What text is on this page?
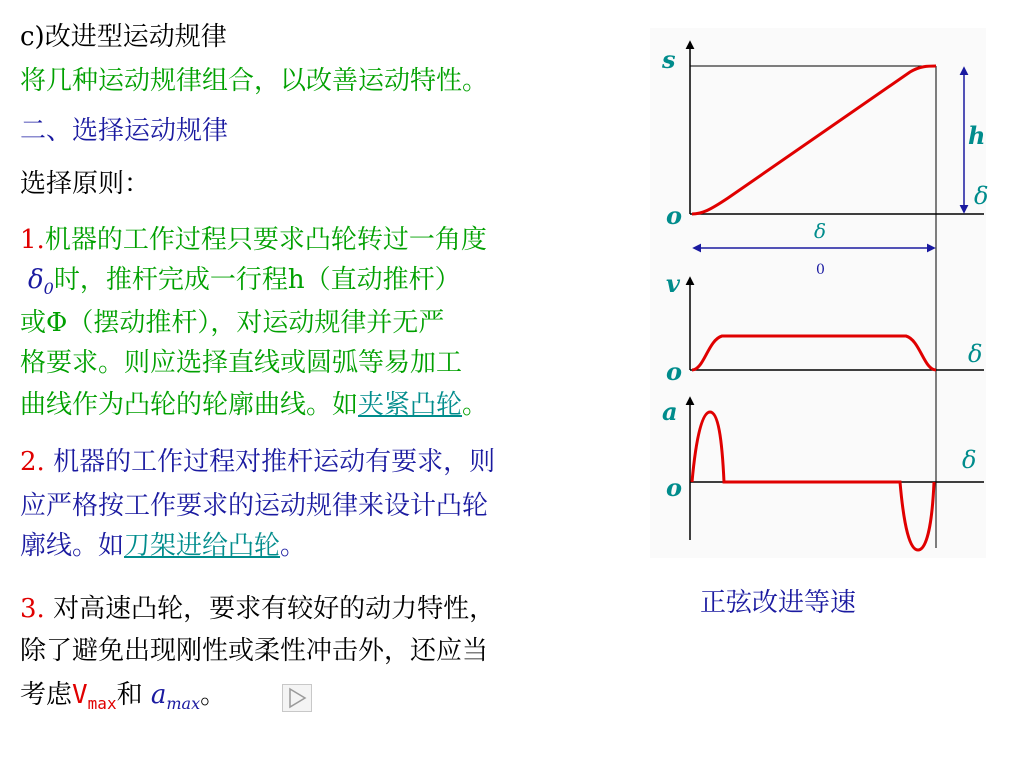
c)改进型运动规律
将几种运动规律组合，以改善运动特性。
二、选择运动规律
选择原则：
1.机器的工作过程只要求凸轮转过一角度
$\delta_0$时，推杆完成一行程h（直动推杆）
或Φ（摆动推杆），对运动规律并无严
格要求。则应选择直线或圆弧等易加工
曲线作为凸轮的轮廓曲线。如夹紧凸轮。
2. 机器的工作过程对推杆运动有要求，则
应严格按工作要求的运动规律来设计凸轮
廓线。如刀架进给凸轮。
3. 对高速凸轮，要求有较好的动力特性，
除了避免出现刚性或柔性冲击外，还应当
考虑$V_{max}$和 $a_{max}$。
s
h
o
δ
δ
0
v
o
δ
a
o
δ
正弦改进等速
